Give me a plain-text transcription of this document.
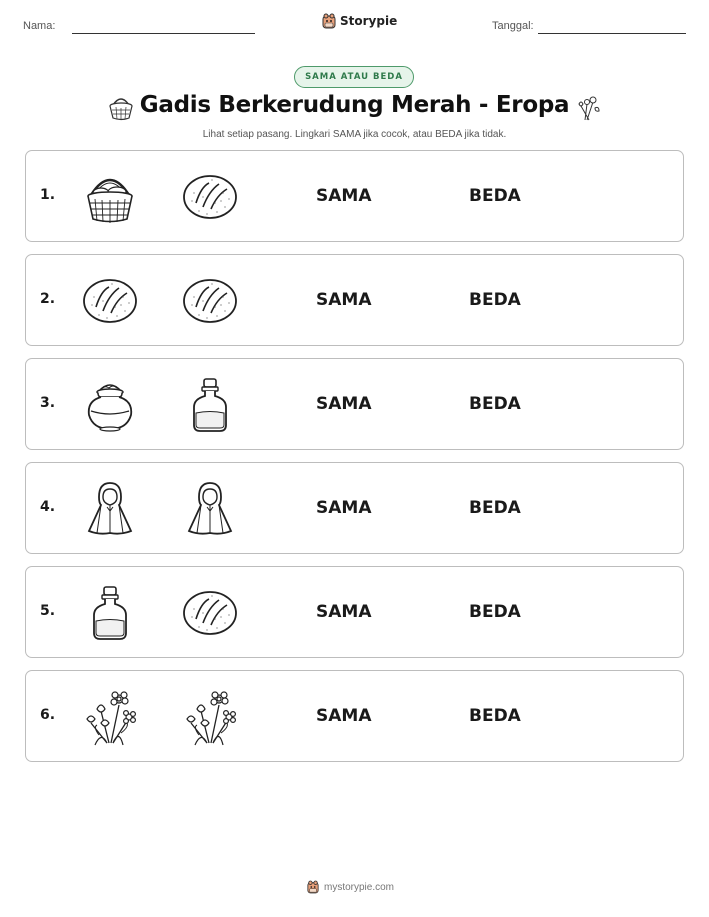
Nama:	Storypie	Tanggal:
SAMA ATAU BEDA
Gadis Berkerudung Merah - Eropa
Lihat setiap pasang. Lingkari SAMA jika cocok, atau BEDA jika tidak.
1.	SAMA	BEDA
2.	SAMA	BEDA
3.	SAMA	BEDA
4.	SAMA	BEDA
5.	SAMA	BEDA
6.	SAMA	BEDA
mystorypie.com
